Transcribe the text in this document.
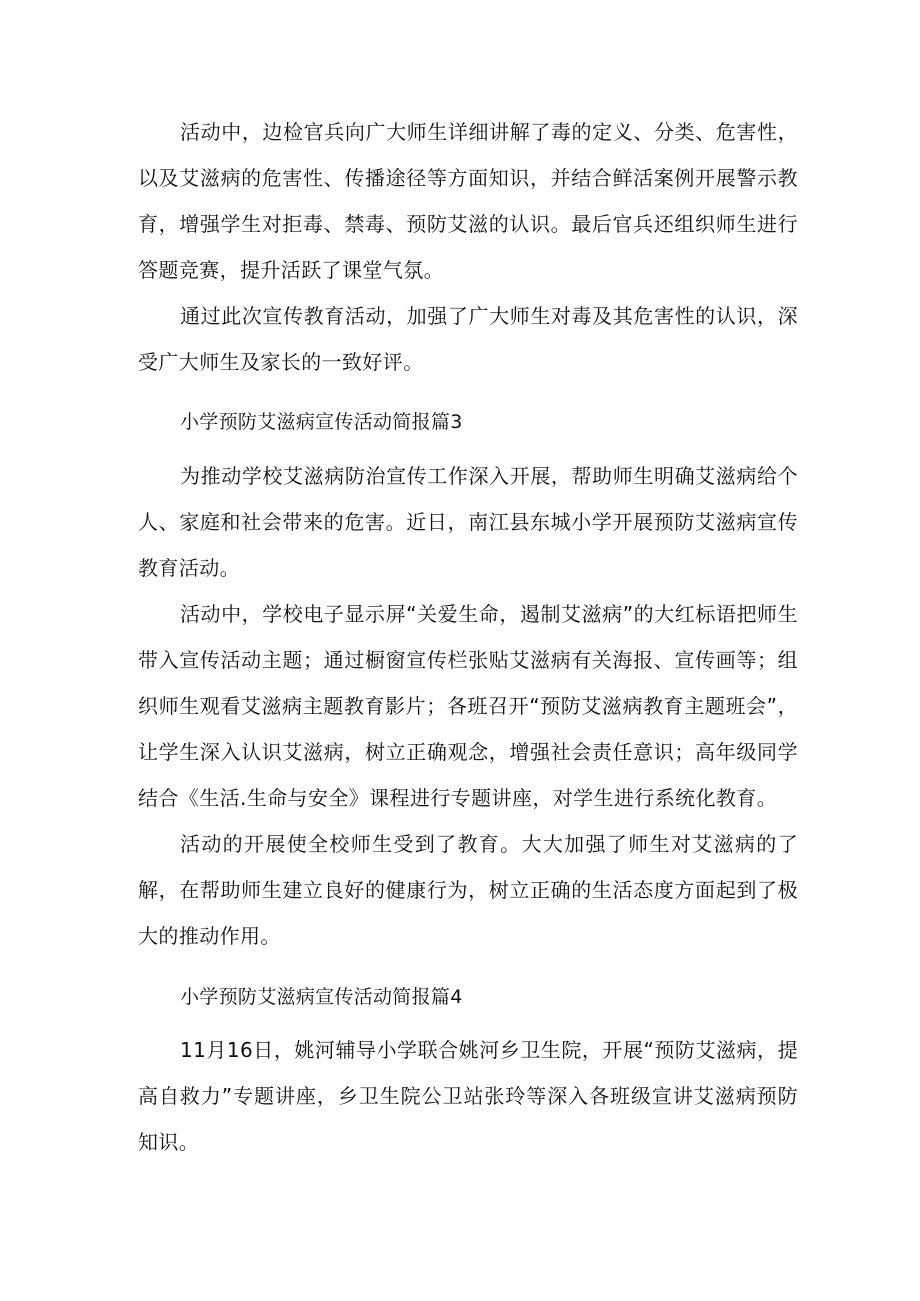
活动中，边检官兵向广大师生详细讲解了毒的定义、分类、危害性，以及艾滋病的危害性、传播途径等方面知识，并结合鲜活案例开展警示教育，增强学生对拒毒、禁毒、预防艾滋的认识。最后官兵还组织师生进行答题竞赛，提升活跃了课堂气氛。

通过此次宣传教育活动，加强了广大师生对毒及其危害性的认识，深受广大师生及家长的一致好评。

小学预防艾滋病宣传活动简报篇3

为推动学校艾滋病防治宣传工作深入开展，帮助师生明确艾滋病给个人、家庭和社会带来的危害。近日，南江县东城小学开展预防艾滋病宣传教育活动。

活动中，学校电子显示屏“关爱生命，遏制艾滋病”的大红标语把师生带入宣传活动主题；通过橱窗宣传栏张贴艾滋病有关海报、宣传画等；组织师生观看艾滋病主题教育影片；各班召开“预防艾滋病教育主题班会”，让学生深入认识艾滋病，树立正确观念，增强社会责任意识；高年级同学结合《生活.生命与安全》课程进行专题讲座，对学生进行系统化教育。

活动的开展使全校师生受到了教育。大大加强了师生对艾滋病的了解，在帮助师生建立良好的健康行为，树立正确的生活态度方面起到了极大的推动作用。

小学预防艾滋病宣传活动简报篇4

11月16日，姚河辅导小学联合姚河乡卫生院，开展“预防艾滋病，提高自救力”专题讲座，乡卫生院公卫站张玲等深入各班级宣讲艾滋病预防知识。
